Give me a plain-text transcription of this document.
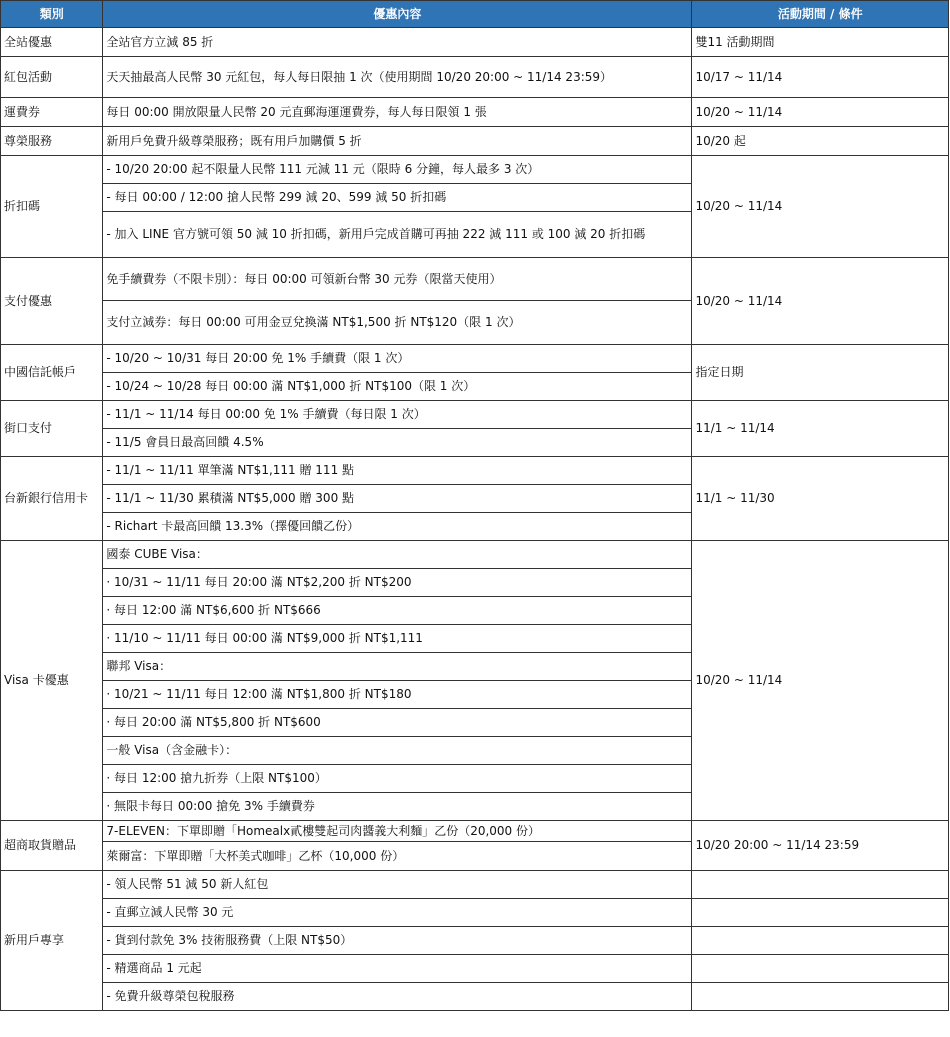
類別	優惠內容	活動期間 / 條件
全站優惠	全站官方立減 85 折	雙11 活動期間
紅包活動	天天抽最高人民幣 30 元紅包，每人每日限抽 1 次（使用期間 10/20 20:00 ~ 11/14 23:59）	10/17 ~ 11/14
運費券	每日 00:00 開放限量人民幣 20 元直郵海運運費券，每人每日限領 1 張	10/20 ~ 11/14
尊榮服務	新用戶免費升級尊榮服務；既有用戶加購價 5 折	10/20 起
折扣碼	- 10/20 20:00 起不限量人民幣 111 元減 11 元（限時 6 分鐘，每人最多 3 次）	10/20 ~ 11/14
	- 每日 00:00 / 12:00 搶人民幣 299 減 20、599 減 50 折扣碼	
	- 加入 LINE 官方號可領 50 減 10 折扣碼，新用戶完成首購可再抽 222 減 111 或 100 減 20 折扣碼	
支付優惠	免手續費券（不限卡別）：每日 00:00 可領新台幣 30 元券（限當天使用）	10/20 ~ 11/14
	支付立減券：每日 00:00 可用金豆兌換滿 NT$1,500 折 NT$120（限 1 次）	
中國信託帳戶	- 10/20 ~ 10/31 每日 20:00 免 1% 手續費（限 1 次）	指定日期
	- 10/24 ~ 10/28 每日 00:00 滿 NT$1,000 折 NT$100（限 1 次）	
街口支付	- 11/1 ~ 11/14 每日 00:00 免 1% 手續費（每日限 1 次）	11/1 ~ 11/14
	- 11/5 會員日最高回饋 4.5%	
台新銀行信用卡	- 11/1 ~ 11/11 單筆滿 NT$1,111 贈 111 點	11/1 ~ 11/30
	- 11/1 ~ 11/30 累積滿 NT$5,000 贈 300 點	
	- Richart 卡最高回饋 13.3%（擇優回饋乙份）	
Visa 卡優惠	國泰 CUBE Visa：	10/20 ~ 11/14
	· 10/31 ~ 11/11 每日 20:00 滿 NT$2,200 折 NT$200	
	· 每日 12:00 滿 NT$6,600 折 NT$666	
	· 11/10 ~ 11/11 每日 00:00 滿 NT$9,000 折 NT$1,111	
	聯邦 Visa：	
	· 10/21 ~ 11/11 每日 12:00 滿 NT$1,800 折 NT$180	
	· 每日 20:00 滿 NT$5,800 折 NT$600	
	一般 Visa（含金融卡）：	
	· 每日 12:00 搶九折券（上限 NT$100）	
	· 無限卡每日 00:00 搶免 3% 手續費券	
超商取貨贈品	7-ELEVEN：下單即贈「Homealx貳樓雙起司肉醬義大利麵」乙份（20,000 份）	10/20 20:00 ~ 11/14 23:59
	萊爾富：下單即贈「大杯美式咖啡」乙杯（10,000 份）	
新用戶專享	- 領人民幣 51 減 50 新人紅包	
	- 直郵立減人民幣 30 元	
	- 貨到付款免 3% 技術服務費（上限 NT$50）	
	- 精選商品 1 元起	
	- 免費升級尊榮包稅服務	
